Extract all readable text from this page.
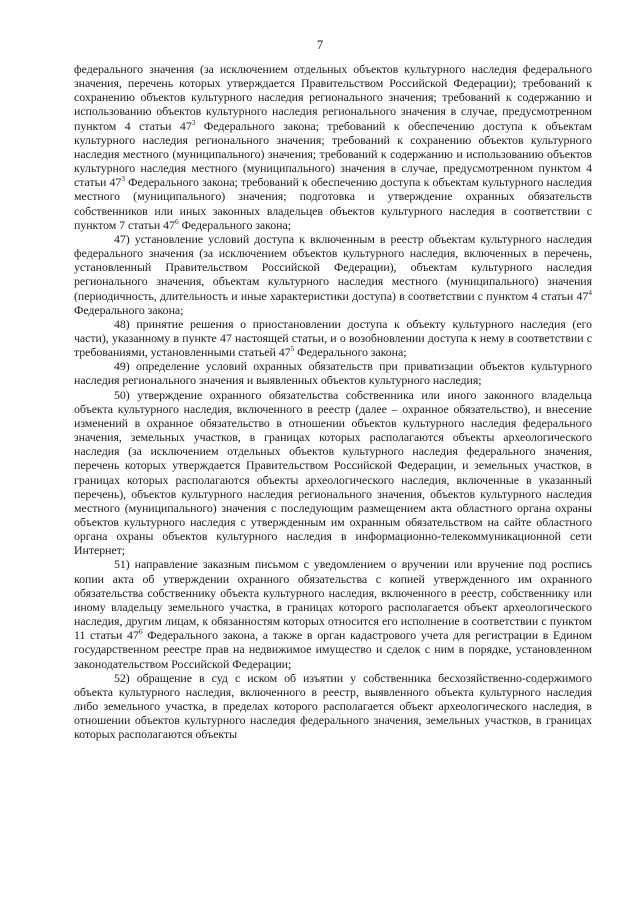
7

федерального значения (за исключением отдельных объектов культурного наследия федерального значения, перечень которых утверждается Правительством Российской Федерации); требований к сохранению объектов культурного наследия регионального значения; требований к содержанию и использованию объектов культурного наследия регионального значения в случае, предусмотренном пунктом 4 статьи $47^3$ Федерального закона; требований к обеспечению доступа к объектам культурного наследия регионального значения; требований к сохранению объектов культурного наследия местного (муниципального) значения; требований к содержанию и использованию объектов культурного наследия местного (муниципального) значения в случае, предусмотренном пунктом 4 статьи $47^3$ Федерального закона; требований к обеспечению доступа к объектам культурного наследия местного (муниципального) значения; подготовка и утверждение охранных обязательств собственников или иных законных владельцев объектов культурного наследия в соответствии с пунктом 7 статьи $47^6$ Федерального закона;

47) установление условий доступа к включенным в реестр объектам культурного наследия федерального значения (за исключением объектов культурного наследия, включенных в перечень, установленный Правительством Российской Федерации), объектам культурного наследия регионального значения, объектам культурного наследия местного (муниципального) значения (периодичность, длительность и иные характеристики доступа) в соответствии с пунктом 4 статьи $47^4$ Федерального закона;

48) принятие решения о приостановлении доступа к объекту культурного наследия (его части), указанному в пункте 47 настоящей статьи, и о возобновлении доступа к нему в соответствии с требованиями, установленными статьей $47^5$ Федерального закона;

49) определение условий охранных обязательств при приватизации объектов культурного наследия регионального значения и выявленных объектов культурного наследия;

50) утверждение охранного обязательства собственника или иного законного владельца объекта культурного наследия, включенного в реестр (далее – охранное обязательство), и внесение изменений в охранное обязательство в отношении объектов культурного наследия федерального значения, земельных участков, в границах которых располагаются объекты археологического наследия (за исключением отдельных объектов культурного наследия федерального значения, перечень которых утверждается Правительством Российской Федерации, и земельных участков, в границах которых располагаются объекты археологического наследия, включенные в указанный перечень), объектов культурного наследия регионального значения, объектов культурного наследия местного (муниципального) значения с последующим размещением акта областного органа охраны объектов культурного наследия с утвержденным им охранным обязательством на сайте областного органа охраны объектов культурного наследия в информационно-телекоммуникационной сети Интернет;

51) направление заказным письмом с уведомлением о вручении или вручение под роспись копии акта об утверждении охранного обязательства с копией утвержденного им охранного обязательства собственнику объекта культурного наследия, включенного в реестр, собственнику или иному владельцу земельного участка, в границах которого располагается объект археологического наследия, другим лицам, к обязанностям которых относится его исполнение в соответствии с пунктом 11 статьи $47^6$ Федерального закона, а также в орган кадастрового учета для регистрации в Едином государственном реестре прав на недвижимое имущество и сделок с ним в порядке, установленном законодательством Российской Федерации;

52) обращение в суд с иском об изъятии у собственника бесхозяйственно-содержимого объекта культурного наследия, включенного в реестр, выявленного объекта культурного наследия либо земельного участка, в пределах которого располагается объект археологического наследия, в отношении объектов культурного наследия федерального значения, земельных участков, в границах которых располагаются объекты
